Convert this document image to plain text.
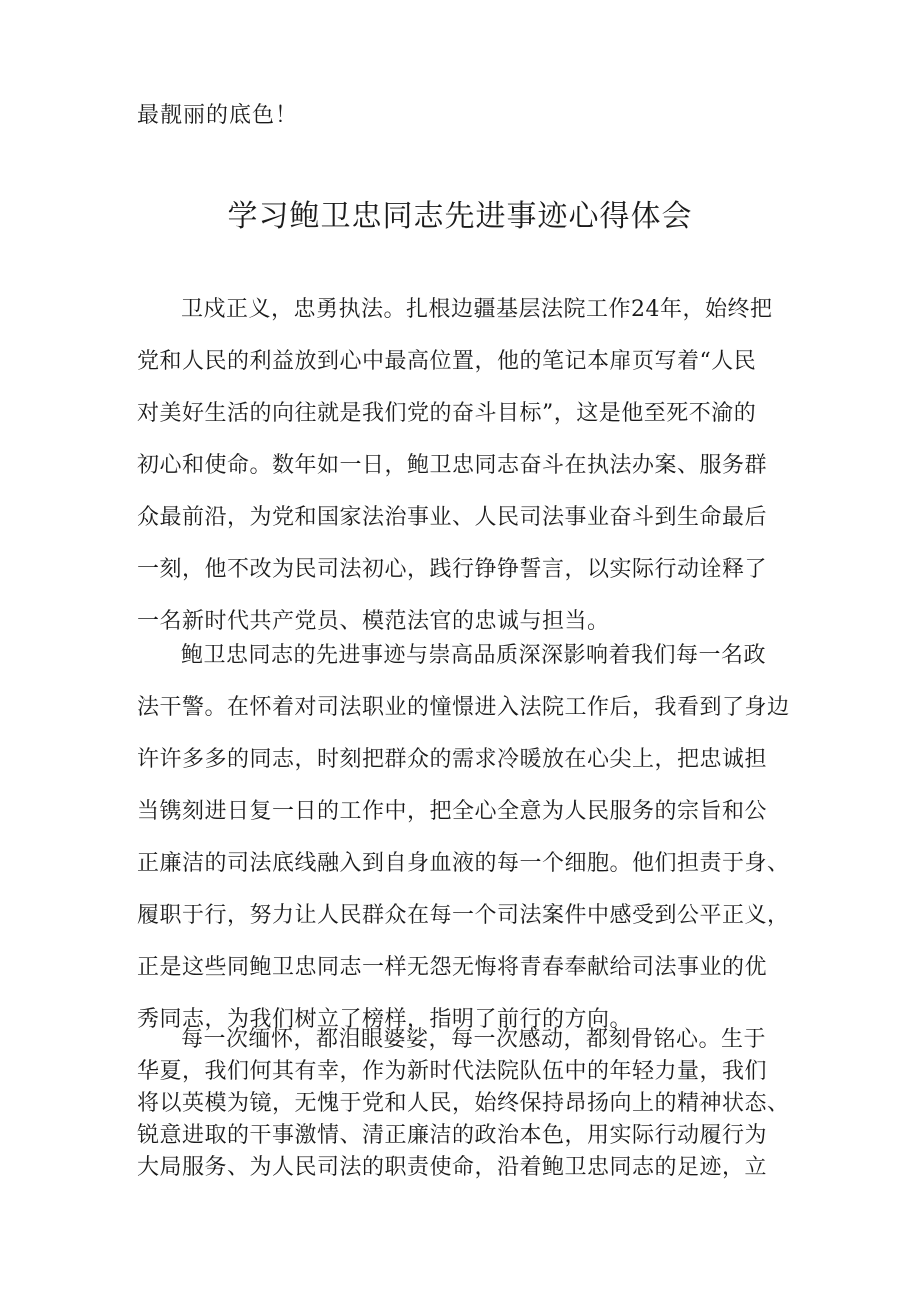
最靓丽的底色！
学习鲍卫忠同志先进事迹心得体会
卫戍正义，忠勇执法。扎根边疆基层法院工作24年，始终把
党和人民的利益放到心中最高位置，他的笔记本扉页写着“人民
对美好生活的向往就是我们党的奋斗目标”，这是他至死不渝的
初心和使命。数年如一日，鲍卫忠同志奋斗在执法办案、服务群
众最前沿，为党和国家法治事业、人民司法事业奋斗到生命最后
一刻，他不改为民司法初心，践行铮铮誓言，以实际行动诠释了
一名新时代共产党员、模范法官的忠诚与担当。
鲍卫忠同志的先进事迹与崇高品质深深影响着我们每一名政
法干警。在怀着对司法职业的憧憬进入法院工作后，我看到了身边
许许多多的同志，时刻把群众的需求冷暖放在心尖上，把忠诚担
当镌刻进日复一日的工作中，把全心全意为人民服务的宗旨和公
正廉洁的司法底线融入到自身血液的每一个细胞。他们担责于身、
履职于行，努力让人民群众在每一个司法案件中感受到公平正义，
正是这些同鲍卫忠同志一样无怨无悔将青春奉献给司法事业的优
秀同志，为我们树立了榜样，指明了前行的方向。
每一次缅怀，都泪眼婆娑，每一次感动，都刻骨铭心。生于
华夏，我们何其有幸，作为新时代法院队伍中的年轻力量，我们
将以英模为镜，无愧于党和人民，始终保持昂扬向上的精神状态、
锐意进取的干事激情、清正廉洁的政治本色，用实际行动履行为
大局服务、为人民司法的职责使命，沿着鲍卫忠同志的足迹，立
